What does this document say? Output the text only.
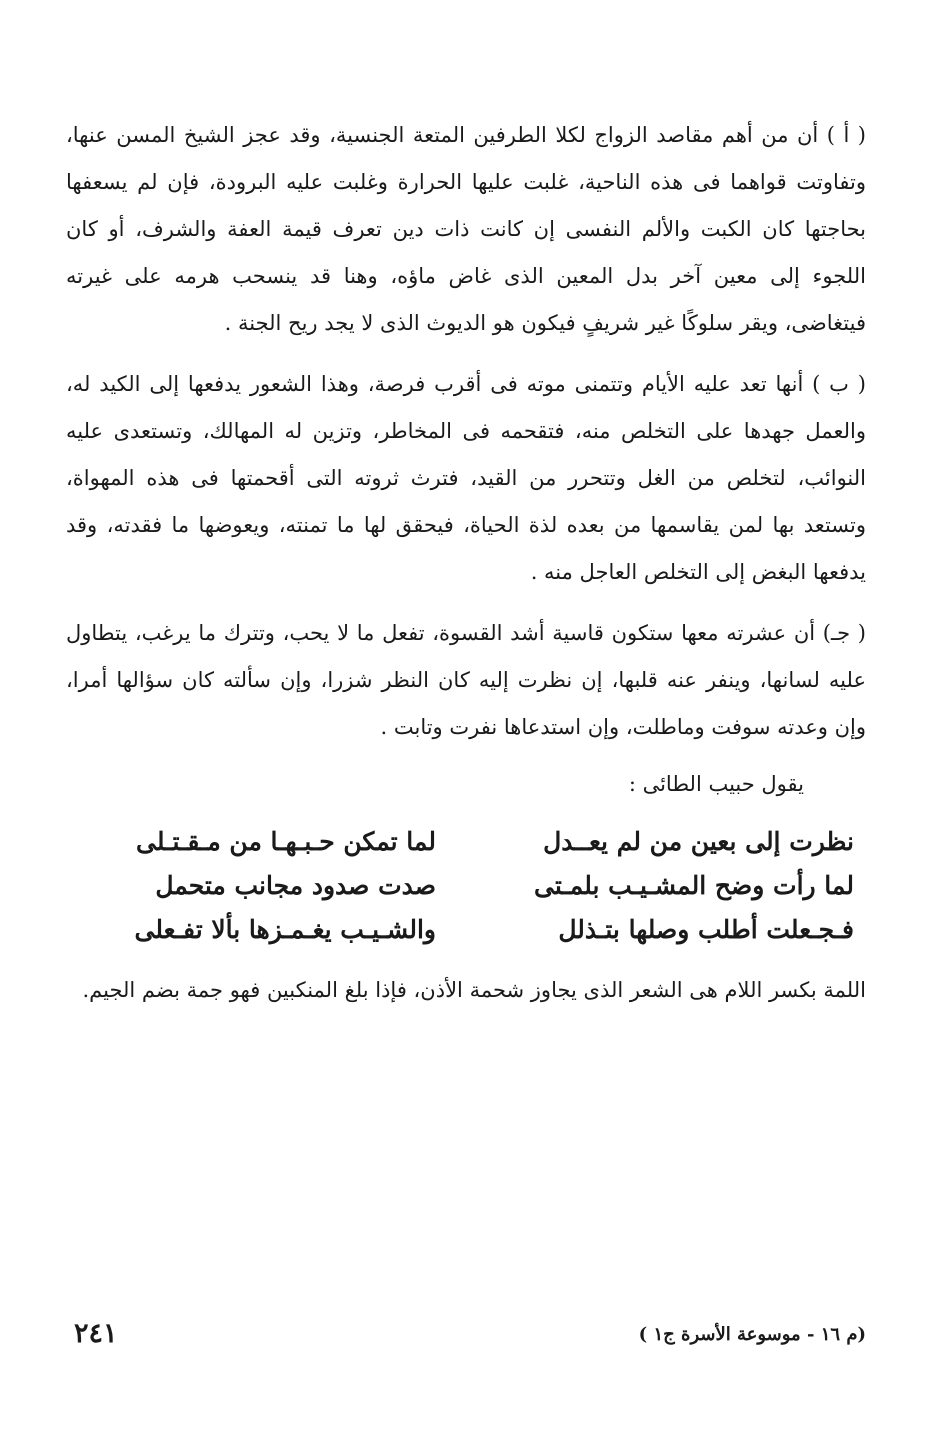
( أ ) أن من أهم مقاصد الزواج لكلا الطرفين المتعة الجنسية، وقد عجز الشيخ المسن عنها، وتفاوتت قواهما فى هذه الناحية، غلبت عليها الحرارة وغلبت عليه البرودة، فإن لم يسعفها بحاجتها كان الكبت والألم النفسى إن كانت ذات دين تعرف قيمة العفة والشرف، أو كان اللجوء إلى معين آخر بدل المعين الذى غاض ماؤه، وهنا قد ينسحب هرمه على غيرته فيتغاضى، ويقر سلوكًا غير شريفٍ فيكون هو الديوث الذى لا يجد ريح الجنة .

( ب ) أنها تعد عليه الأيام وتتمنى موته فى أقرب فرصة، وهذا الشعور يدفعها إلى الكيد له، والعمل جهدها على التخلص منه، فتقحمه فى المخاطر، وتزين له المهالك، وتستعدى عليه النوائب، لتخلص من الغل وتتحرر من القيد، فترث ثروته التى أقحمتها فى هذه المهواة، وتستعد بها لمن يقاسمها من بعده لذة الحياة، فيحقق لها ما تمنته، ويعوضها ما فقدته، وقد يدفعها البغض إلى التخلص العاجل منه .

( جـ) أن عشرته معها ستكون قاسية أشد القسوة، تفعل ما لا يحب، وتترك ما يرغب، يتطاول عليه لسانها، وينفر عنه قلبها، إن نظرت إليه كان النظر شزرا، وإن سألته كان سؤالها أمرا، وإن وعدته سوفت وماطلت، وإن استدعاها نفرت وتابت .

يقول حبيب الطائى :

نظرت إلى بعين من لم يعــدل
لما تمكن حـبـهـا من مـقـتـلى
لما رأت وضح المشـيـب بلمـتى
صدت صدود مجانب متحمل
فـجـعلت أطلب وصلها بتـذلل
والشـيـب يغـمـزها بألا تفـعلى

اللمة بكسر اللام هى الشعر الذى يجاوز شحمة الأذن، فإذا بلغ المنكبين فهو جمة بضم الجيم.

(م ١٦ - موسوعة الأسرة ج١ )
٢٤١
